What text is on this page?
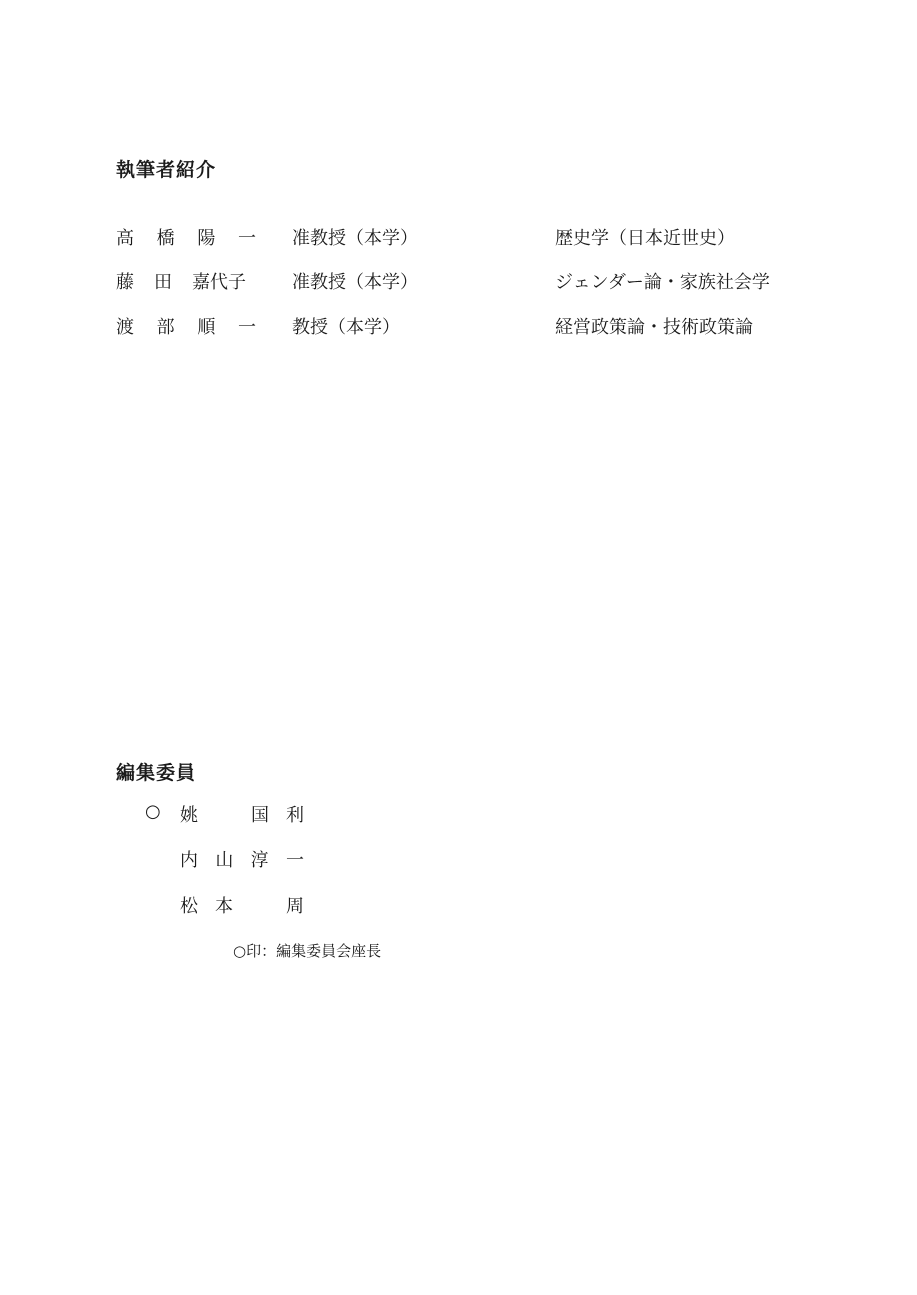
執筆者紹介
高 橋 陽 一 准教授（本学）	歴史学（日本近世史）
藤 田 嘉代子	准教授（本学）	ジェンダー論・家族社会学
渡 部 順 一 教授（本学）	経営政策論・技術政策論
編集委員
○ 姚	国 利
内 山 淳 一
松 本	周
○印：編集委員会座長
